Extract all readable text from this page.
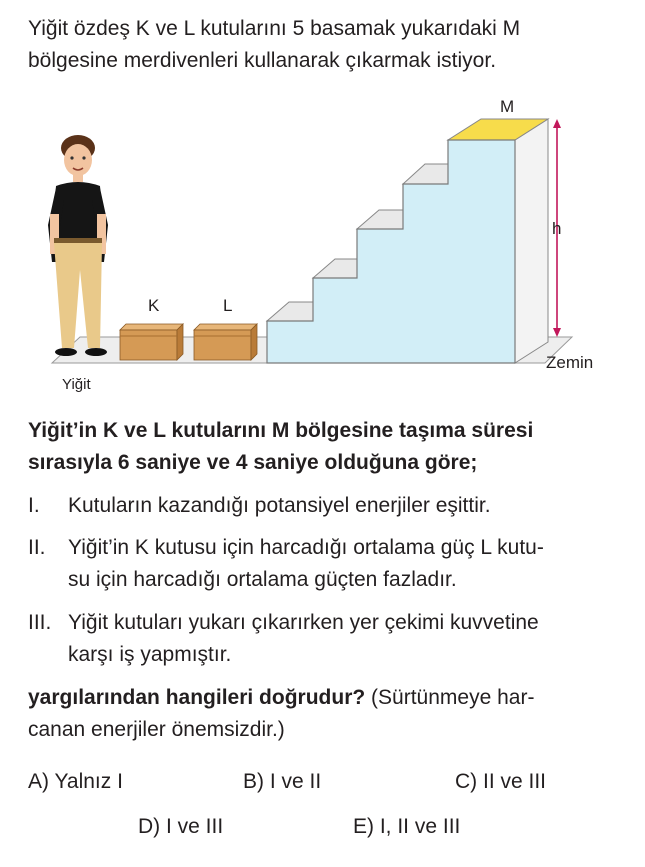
Yiğit özdeş K ve L kutularını 5 basamak yukarıdaki M
bölgesine merdivenleri kullanarak çıkarmak istiyor.
M
h
Zemin
K	L
Yiğit
Yiğit’in K ve L kutularını M bölgesine taşıma süresi
sırasıyla 6 saniye ve 4 saniye olduğuna göre;
I. Kutuların kazandığı potansiyel enerjiler eşittir.
II. Yiğit’in K kutusu için harcadığı ortalama güç L kutu-
su için harcadığı ortalama güçten fazladır.
III. Yiğit kutuları yukarı çıkarırken yer çekimi kuvvetine
karşı iş yapmıştır.
yargılarından hangileri doğrudur? (Sürtünmeye har-
canan enerjiler önemsizdir.)
A) Yalnız I	B) I ve II	C) II ve III
D) I ve III	E) I, II ve III
